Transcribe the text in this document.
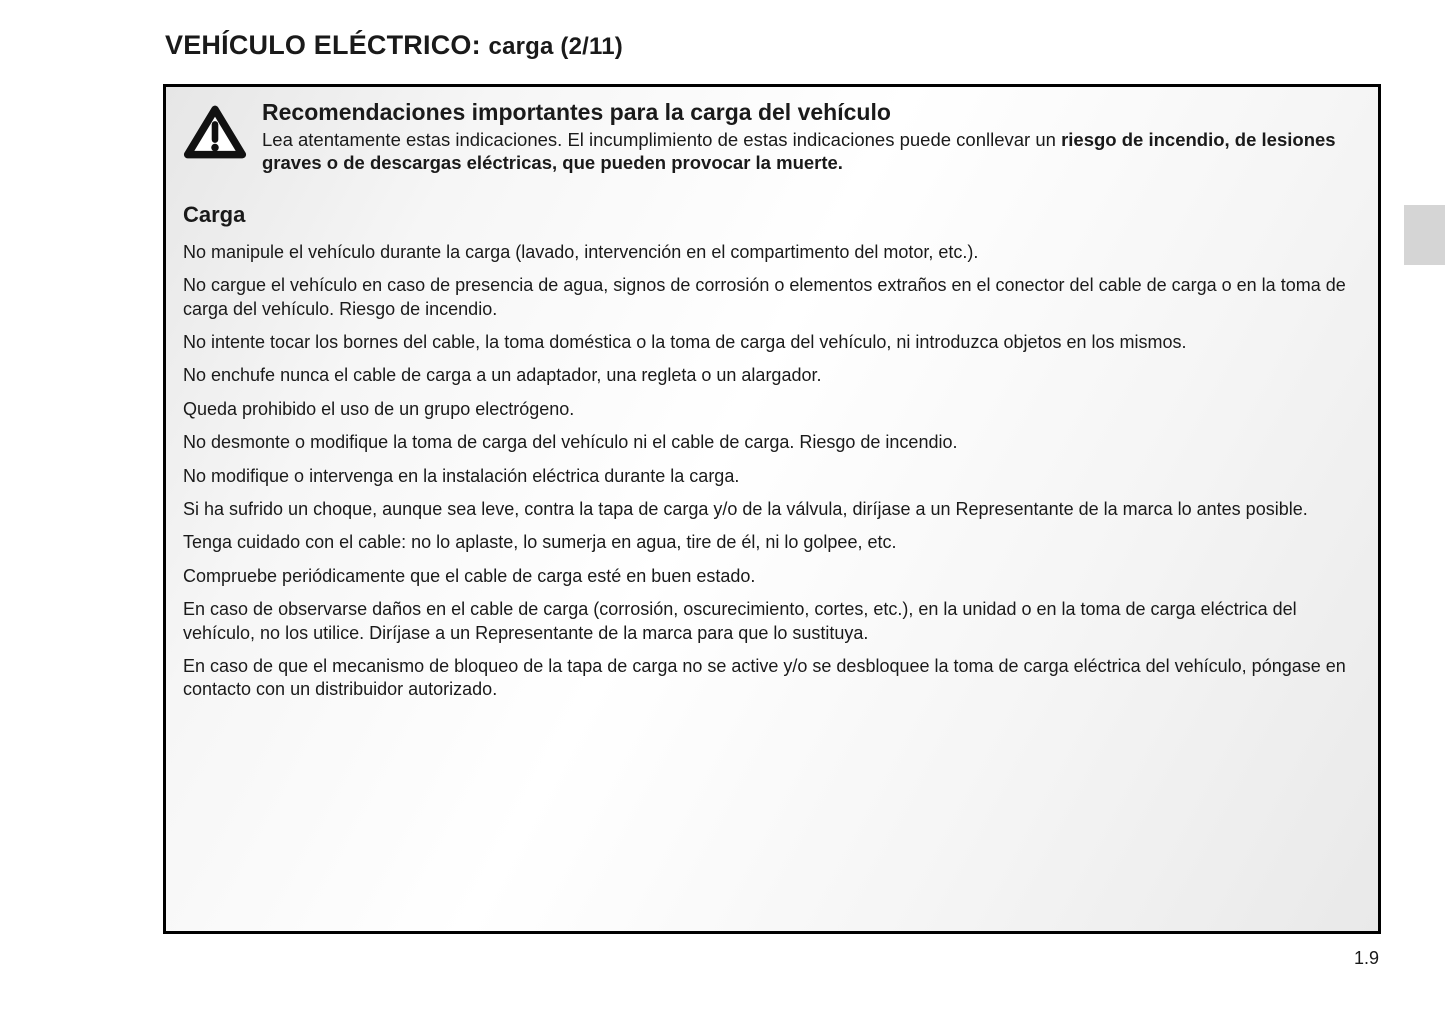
VEHÍCULO ELÉCTRICO: carga (2/11)
Recomendaciones importantes para la carga del vehículo

Lea atentamente estas indicaciones. El incumplimiento de estas indicaciones puede conllevar un riesgo de incendio, de lesiones graves o de descargas eléctricas, que pueden provocar la muerte.

Carga

No manipule el vehículo durante la carga (lavado, intervención en el compartimento del motor, etc.).

No cargue el vehículo en caso de presencia de agua, signos de corrosión o elementos extraños en el conector del cable de carga o en la toma de carga del vehículo. Riesgo de incendio.

No intente tocar los bornes del cable, la toma doméstica o la toma de carga del vehículo, ni introduzca objetos en los mismos.

No enchufe nunca el cable de carga a un adaptador, una regleta o un alargador.

Queda prohibido el uso de un grupo electrógeno.

No desmonte o modifique la toma de carga del vehículo ni el cable de carga. Riesgo de incendio.

No modifique o intervenga en la instalación eléctrica durante la carga.

Si ha sufrido un choque, aunque sea leve, contra la tapa de carga y/o de la válvula, diríjase a un Representante de la marca lo antes posible.

Tenga cuidado con el cable: no lo aplaste, lo sumerja en agua, tire de él, ni lo golpee, etc.

Compruebe periódicamente que el cable de carga esté en buen estado.

En caso de observarse daños en el cable de carga (corrosión, oscurecimiento, cortes, etc.), en la unidad o en la toma de carga eléctrica del vehículo, no los utilice. Diríjase a un Representante de la marca para que lo sustituya.

En caso de que el mecanismo de bloqueo de la tapa de carga no se active y/o se desbloquee la toma de carga eléctrica del vehículo, póngase en contacto con un distribuidor autorizado.

1.9
